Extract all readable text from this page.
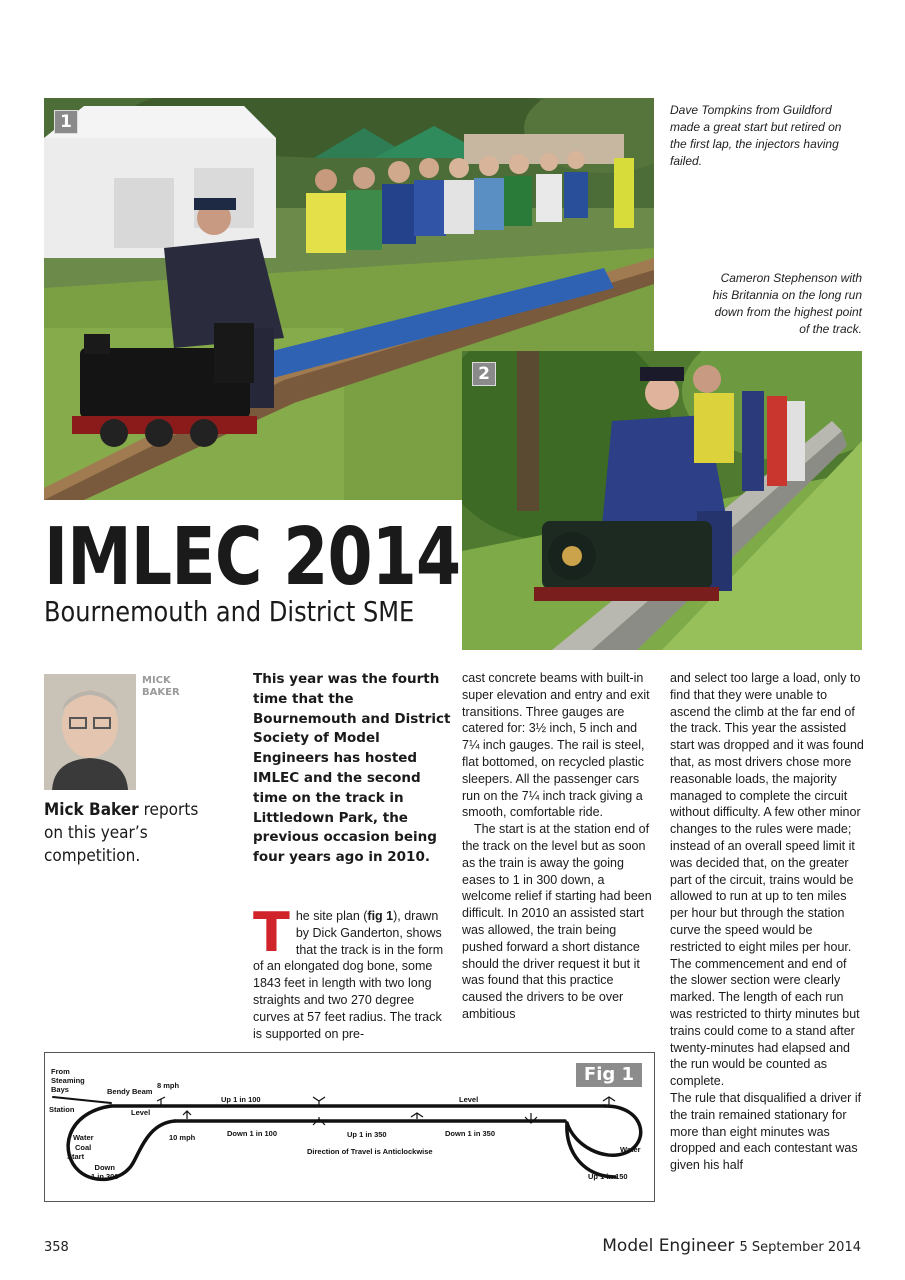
1
Dave Tompkins from Guildford made a great start but retired on the first lap, the injectors having failed.
Cameron Stephenson with his Britannia on the long run down from the highest point of the track.
2
IMLEC 2014
Bournemouth and District SME
MICK
BAKER
Mick Baker reports on this year’s competition.
This year was the fourth time that the Bournemouth and District Society of Model Engineers has hosted IMLEC and the second time on the track in Littledown Park, the previous occasion being four years ago in 2010.

The site plan (fig 1), drawn by Dick Ganderton, shows that the track is in the form of an elongated dog bone, some 1843 feet in length with two long straights and two 270 degree curves at 57 feet radius. The track is supported on pre-

cast concrete beams with built-in super elevation and entry and exit transitions. Three gauges are catered for: 3½ inch, 5 inch and 7¼ inch gauges. The rail is steel, flat bottomed, on recycled plastic sleepers. All the passenger cars run on the 7¼ inch track giving a smooth, comfortable ride.

The start is at the station end of the track on the level but as soon as the train is away the going eases to 1 in 300 down, a welcome relief if starting had been difficult. In 2010 an assisted start was allowed, the train being pushed forward a short distance should the driver request it but it was found that this practice caused the drivers to be over ambitious

and select too large a load, only to find that they were unable to ascend the climb at the far end of the track. This year the assisted start was dropped and it was found that, as most drivers chose more reasonable loads, the majority managed to complete the circuit without difficulty. A few other minor changes to the rules were made; instead of an overall speed limit it was decided that, on the greater part of the circuit, trains would be allowed to run at up to ten miles per hour but through the station curve the speed would be restricted to eight miles per hour. The commencement and end of the slower section were clearly marked. The length of each run was restricted to thirty minutes but trains could come to a stand after twenty-minutes had elapsed and the run would be counted as complete.

The rule that disqualified a driver if the train remained stationary for more than eight minutes was dropped and each contestant was given his half

From
Steaming
Bays	Bendy Beam
8 mph
Up 1 in 100	Level
Station	Level
10 mph	Down 1 in 100	Up 1 in 350	Down 1 in 350
Water
Direction of Travel is Anticlockwise
Water
Coal
Start
Down
1 in 300	Up 1 in 150
Fig 1
358	Model Engineer 5 September 2014
